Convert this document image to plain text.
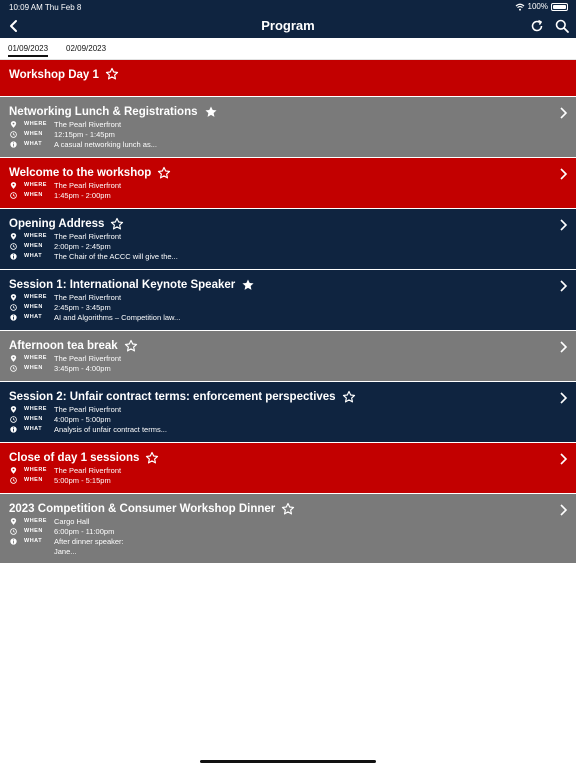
10:09 AM Thu Feb 8	100%
Program
01/09/2023 02/09/2023
Workshop Day 1
Networking Lunch & Registrations
WHERE The Pearl Riverfront
WHEN 12:15pm - 1:45pm
WHAT A casual networking lunch as...
Welcome to the workshop
WHERE The Pearl Riverfront
WHEN 1:45pm - 2:00pm
Opening Address
WHERE The Pearl Riverfront
WHEN 2:00pm - 2:45pm
WHAT The Chair of the ACCC will give the...
Session 1: International Keynote Speaker
WHERE The Pearl Riverfront
WHEN 2:45pm - 3:45pm
WHAT AI and Algorithms – Competition law...
Afternoon tea break
WHERE The Pearl Riverfront
WHEN 3:45pm - 4:00pm
Session 2: Unfair contract terms: enforcement perspectives
WHERE The Pearl Riverfront
WHEN 4:00pm - 5:00pm
WHAT Analysis of unfair contract terms...
Close of day 1 sessions
WHERE The Pearl Riverfront
WHEN 5:00pm - 5:15pm
2023 Competition & Consumer Workshop Dinner
WHERE Cargo Hall
WHEN 6:00pm - 11:00pm
WHAT After dinner speaker:
Jane...
